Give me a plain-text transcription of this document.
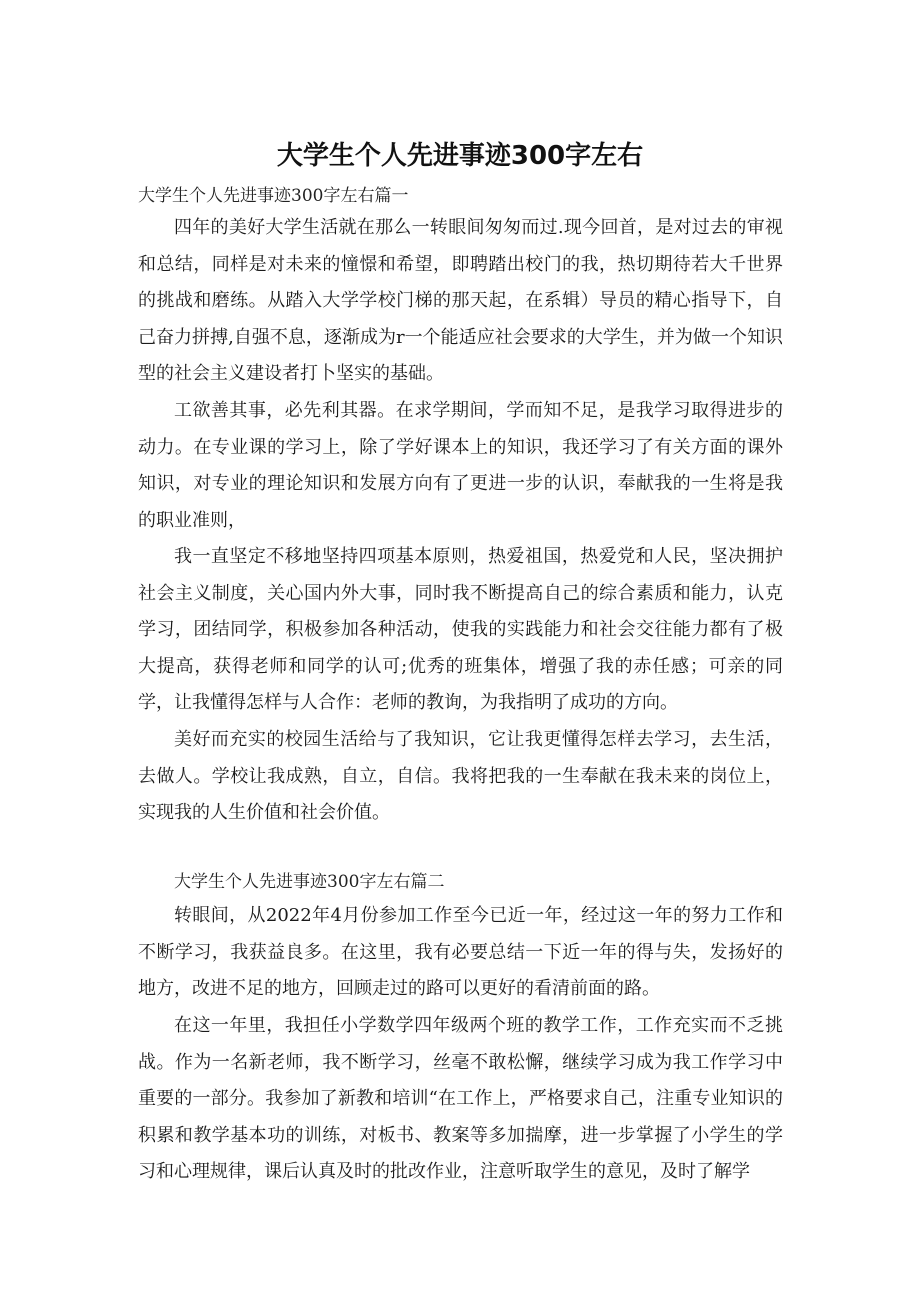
大学生个人先进事迹300字左右
大学生个人先进事迹300字左右篇一

四年的美好大学生活就在那么一转眼间匆匆而过.现今回首，是对过去的审视和总结，同样是对未来的憧憬和希望，即聘踏出校门的我，热切期待若大千世界的挑战和磨练。从踏入大学学校门梯的那天起，在系辑）导员的精心指导下，自己奋力拼搏,自强不息，逐渐成为r一个能适应社会要求的大学生，并为做一个知识型的社会主义建设者打卜坚实的基础。

工欲善其事，必先利其器。在求学期间，学而知不足，是我学习取得进步的动力。在专业课的学习上，除了学好课本上的知识，我还学习了有关方面的课外知识，对专业的理论知识和发展方向有了更进一步的认识，奉献我的一生将是我的职业准则，

我一直坚定不移地坚持四项基本原则，热爱祖国，热爱党和人民，坚决拥护社会主义制度，关心国内外大事，同时我不断提高自己的综合素质和能力，认克学习，团结同学，积极参加各种活动，使我的实践能力和社会交往能力都有了极大提高，获得老师和同学的认可;优秀的班集体，增强了我的赤任感；可亲的同学，让我懂得怎样与人合作：老师的教询，为我指明了成功的方向。

美好而充实的校园生活给与了我知识，它让我更懂得怎样去学习，去生活，去做人。学校让我成熟，自立，自信。我将把我的一生奉献在我未来的岗位上，实现我的人生价值和社会价值。

大学生个人先进事迹300字左右篇二

转眼间，从2022年4月份参加工作至今已近一年，经过这一年的努力工作和不断学习，我获益良多。在这里，我有必要总结一下近一年的得与失，发扬好的地方，改进不足的地方，回顾走过的路可以更好的看清前面的路。

在这一年里，我担任小学数学四年级两个班的教学工作，工作充实而不乏挑战。作为一名新老师，我不断学习，丝毫不敢松懈，继续学习成为我工作学习中重要的一部分。我参加了新教和培训“在工作上，严格要求自己，注重专业知识的积累和教学基本功的训练，对板书、教案等多加揣摩，进一步掌握了小学生的学习和心理规律，课后认真及时的批改作业，注意听取学生的意见，及时了解学
